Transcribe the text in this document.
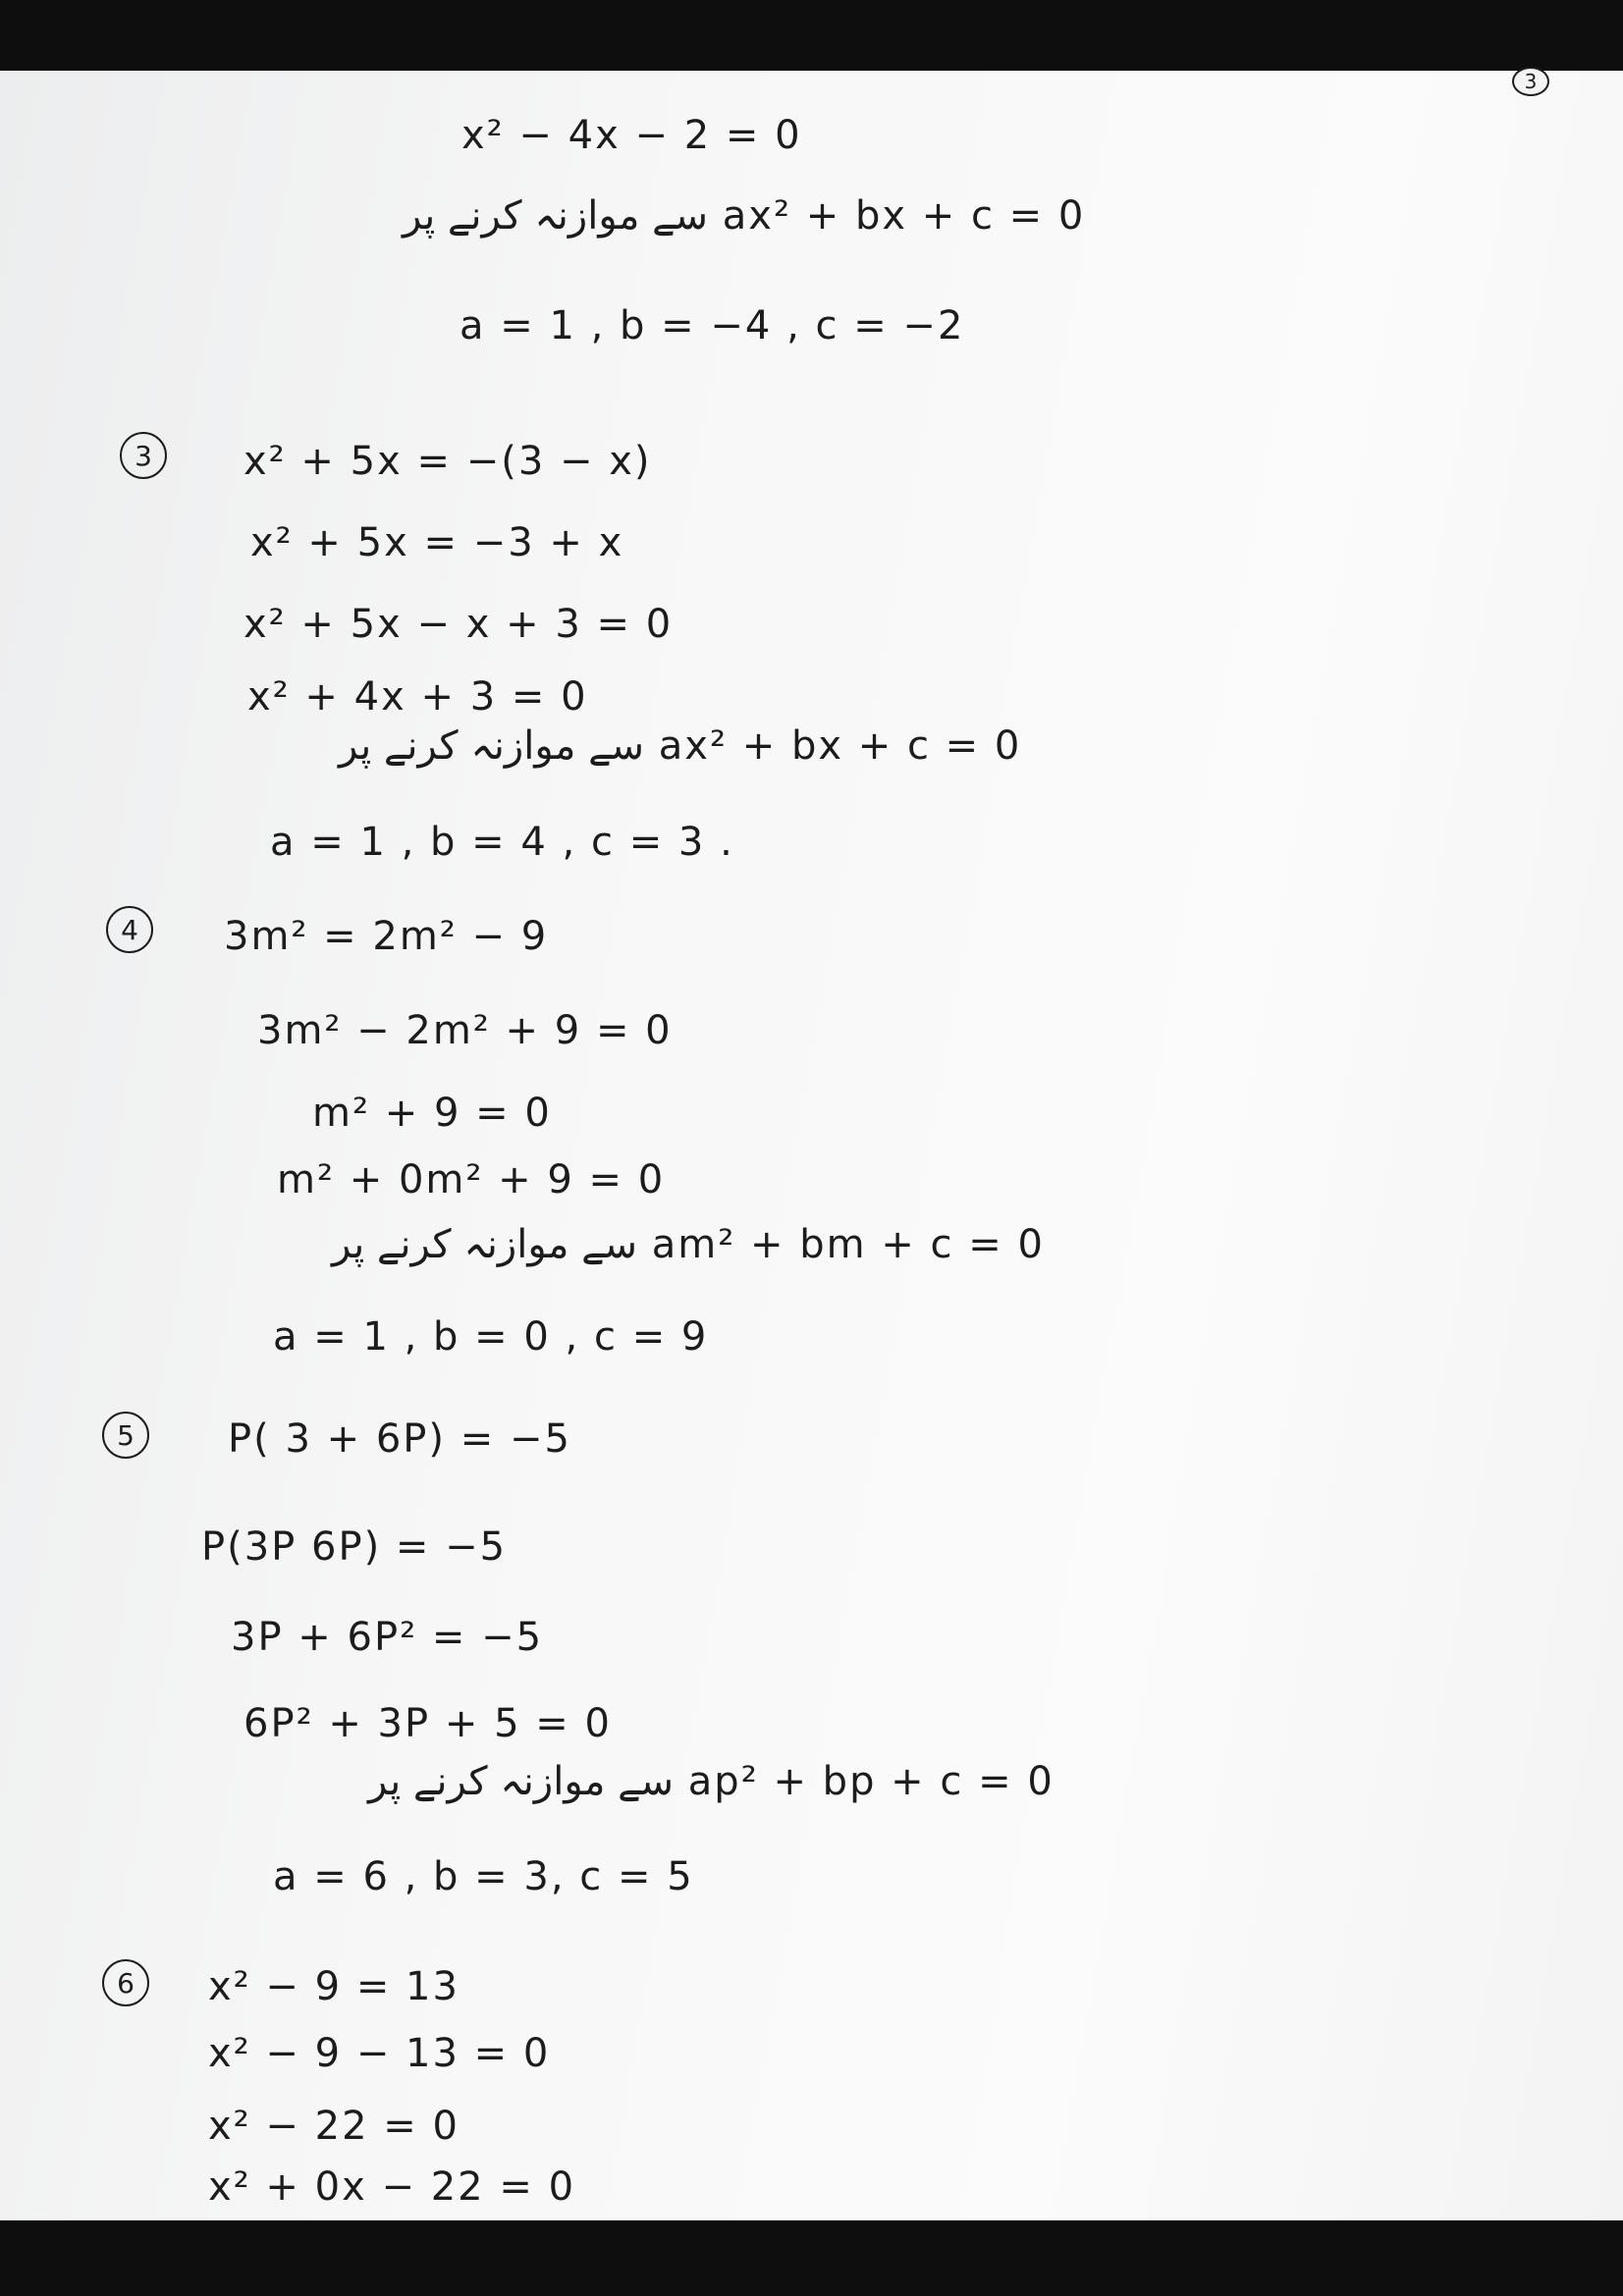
3
x² − 4x − 2 = 0
ax² + bx + c = 0 سے موازنہ کرنے پر
a = 1 , b = −4 , c = −2
3	x² + 5x = −(3 − x)
x² + 5x = −3 + x
x² + 5x − x + 3 = 0
x² + 4x + 3 = 0
ax² + bx + c = 0 سے موازنہ کرنے پر
a = 1 , b = 4 , c = 3 .
4	3m² = 2m² − 9
3m² − 2m² + 9 = 0
m² + 9 = 0
m² + 0m² + 9 = 0
am² + bm + c = 0 سے موازنہ کرنے پر
a = 1 , b = 0 , c = 9
5	P( 3 + 6P) = −5
P(3P 6P) = −5
3P + 6P² = −5
6P² + 3P + 5 = 0
ap² + bp + c = 0 سے موازنہ کرنے پر
a = 6 , b = 3, c = 5
6	x² − 9 = 13
x² − 9 − 13 = 0
x² − 22 = 0
x² + 0x − 22 = 0
